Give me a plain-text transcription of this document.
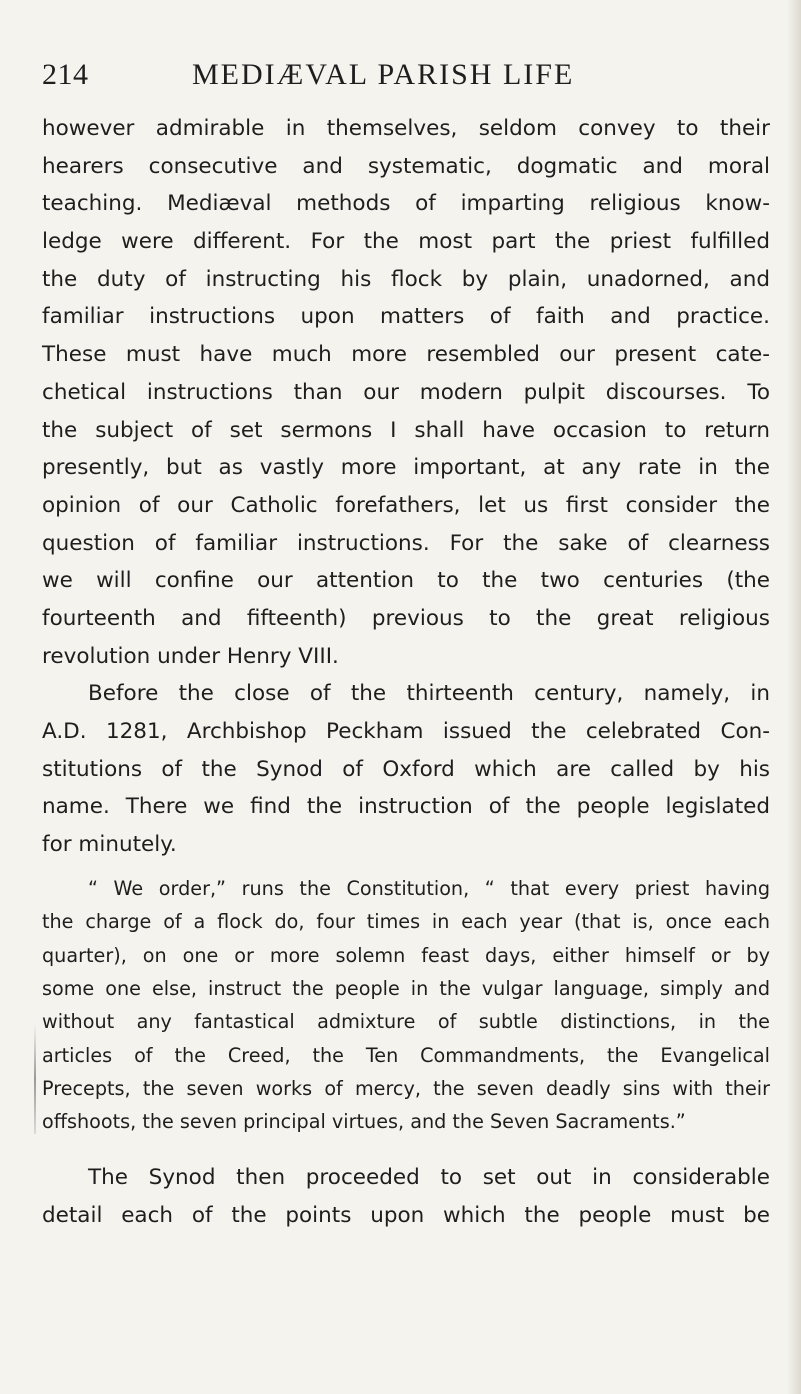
214	MEDIÆVAL PARISH LIFE
however admirable in themselves, seldom convey to their
hearers consecutive and systematic, dogmatic and moral
teaching. Mediæval methods of imparting religious know-
ledge were different. For the most part the priest fulfilled
the duty of instructing his flock by plain, unadorned, and
familiar instructions upon matters of faith and practice.
These must have much more resembled our present cate-
chetical instructions than our modern pulpit discourses. To
the subject of set sermons I shall have occasion to return
presently, but as vastly more important, at any rate in the
opinion of our Catholic forefathers, let us first consider the
question of familiar instructions. For the sake of clearness
we will confine our attention to the two centuries (the
fourteenth and fifteenth) previous to the great religious
revolution under Henry VIII.
Before the close of the thirteenth century, namely, in
A.D. 1281, Archbishop Peckham issued the celebrated Con-
stitutions of the Synod of Oxford which are called by his
name. There we find the instruction of the people legislated
for minutely.
“ We order,” runs the Constitution, “ that every priest having
the charge of a flock do, four times in each year (that is, once each
quarter), on one or more solemn feast days, either himself or by
some one else, instruct the people in the vulgar language, simply and
without any fantastical admixture of subtle distinctions, in the
articles of the Creed, the Ten Commandments, the Evangelical
Precepts, the seven works of mercy, the seven deadly sins with their
offshoots, the seven principal virtues, and the Seven Sacraments.”
The Synod then proceeded to set out in considerable
detail each of the points upon which the people must be
